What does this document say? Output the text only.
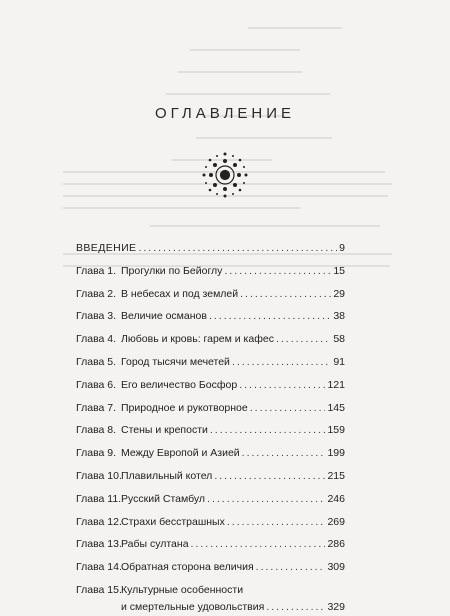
ОГЛАВЛЕНИЕ
ВВЕДЕНИЕ .....	9
Глава 1. Прогулки по Бейоглу .....	15
Глава 2. В небесах и под землей .....	29
Глава 3. Величие османов .....	38
Глава 4. Любовь и кровь: гарем и кафес .....	58
Глава 5. Город тысячи мечетей .....	91
Глава 6. Его величество Босфор .....	121
Глава 7. Природное и рукотворное .....	145
Глава 8. Стены и крепости .....	159
Глава 9. Между Европой и Азией .....	199
Глава 10. Плавильный котел .....	215
Глава 11. Русский Стамбул .....	246
Глава 12. Страхи бесстрашных .....	269
Глава 13. Рабы султана .....	286
Глава 14. Обратная сторона величия .....	309
Глава 15. Культурные особенности
и смертельные удовольствия .....	329
